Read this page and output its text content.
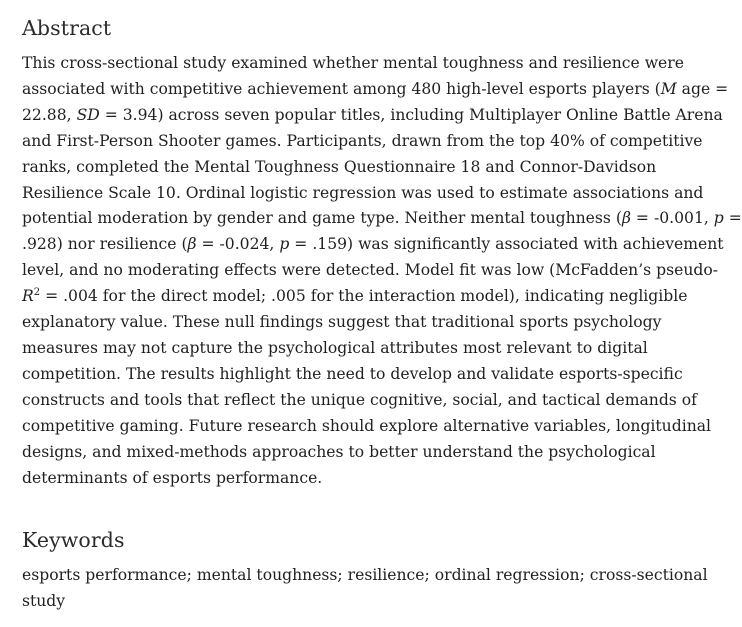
Abstract
This cross-sectional study examined whether mental toughness and resilience were
associated with competitive achievement among 480 high-level esports players (M age =
22.88, SD = 3.94) across seven popular titles, including Multiplayer Online Battle Arena
and First-Person Shooter games. Participants, drawn from the top 40% of competitive
ranks, completed the Mental Toughness Questionnaire 18 and Connor-Davidson
Resilience Scale 10. Ordinal logistic regression was used to estimate associations and
potential moderation by gender and game type. Neither mental toughness (β = -0.001, p =
.928) nor resilience (β = -0.024, p = .159) was significantly associated with achievement
level, and no moderating effects were detected. Model fit was low (McFadden’s pseudo-
$R^2 = .004$ for the direct model; .005 for the interaction model), indicating negligible
explanatory value. These null findings suggest that traditional sports psychology
measures may not capture the psychological attributes most relevant to digital
competition. The results highlight the need to develop and validate esports-specific
constructs and tools that reflect the unique cognitive, social, and tactical demands of
competitive gaming. Future research should explore alternative variables, longitudinal
designs, and mixed-methods approaches to better understand the psychological
determinants of esports performance.
Keywords
esports performance; mental toughness; resilience; ordinal regression; cross-sectional
study
